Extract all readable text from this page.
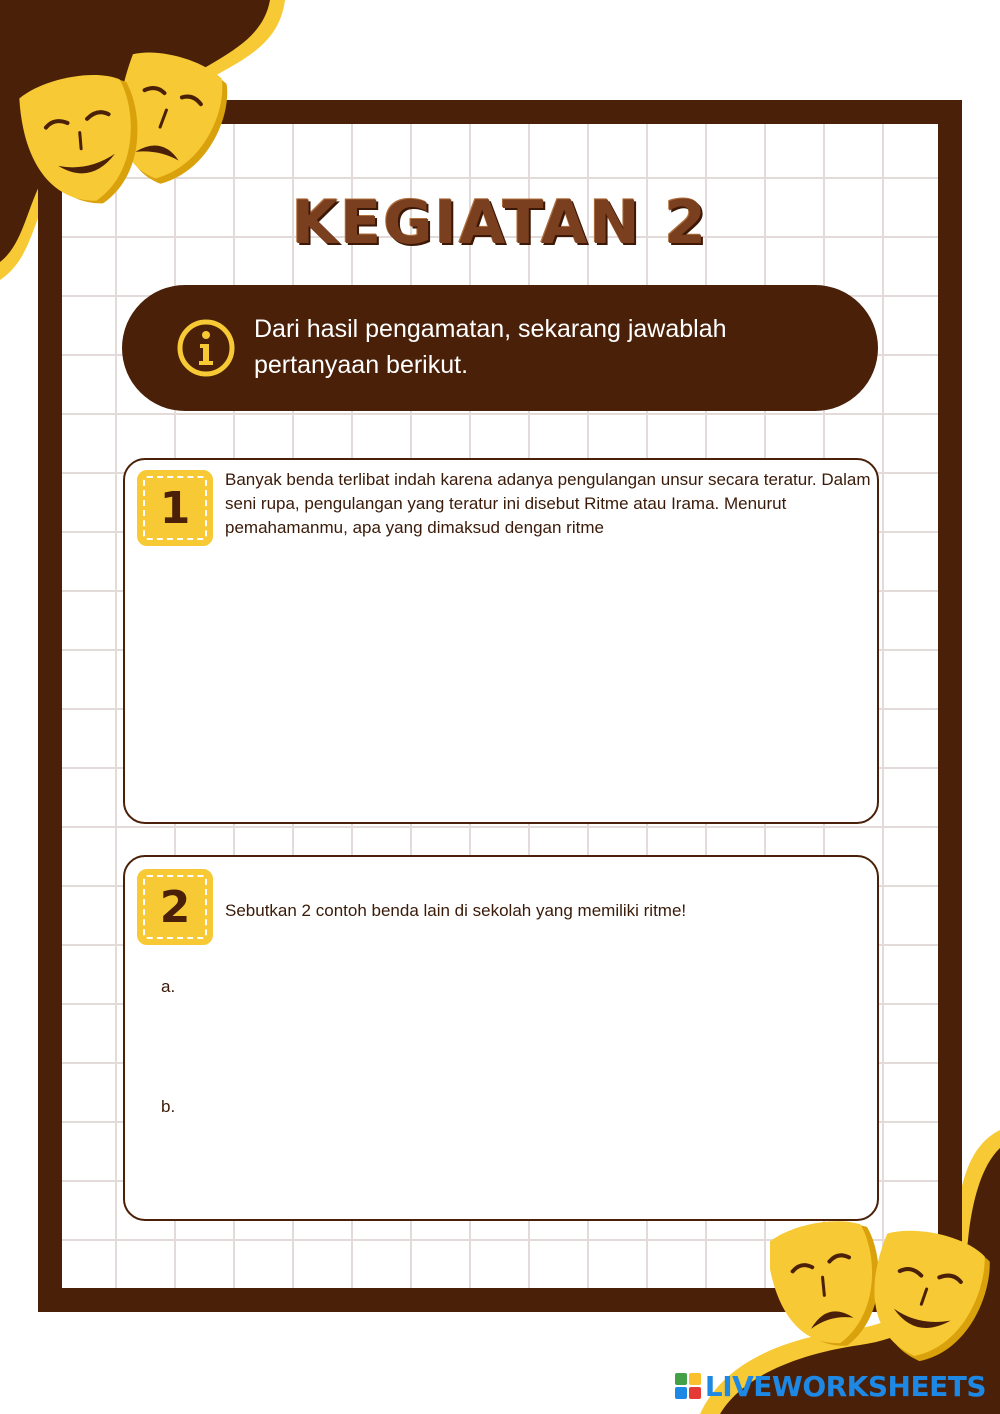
KEGIATAN 2
Dari hasil pengamatan, sekarang jawablah pertanyaan berikut.
1
Banyak benda terlibat indah karena adanya pengulangan unsur secara teratur. Dalam seni rupa, pengulangan yang teratur ini disebut Ritme atau Irama. Menurut pemahamanmu, apa yang dimaksud dengan ritme
2	Sebutkan 2 contoh benda lain di sekolah yang memiliki ritme!
a.
b.
LIVEWORKSHEETS
